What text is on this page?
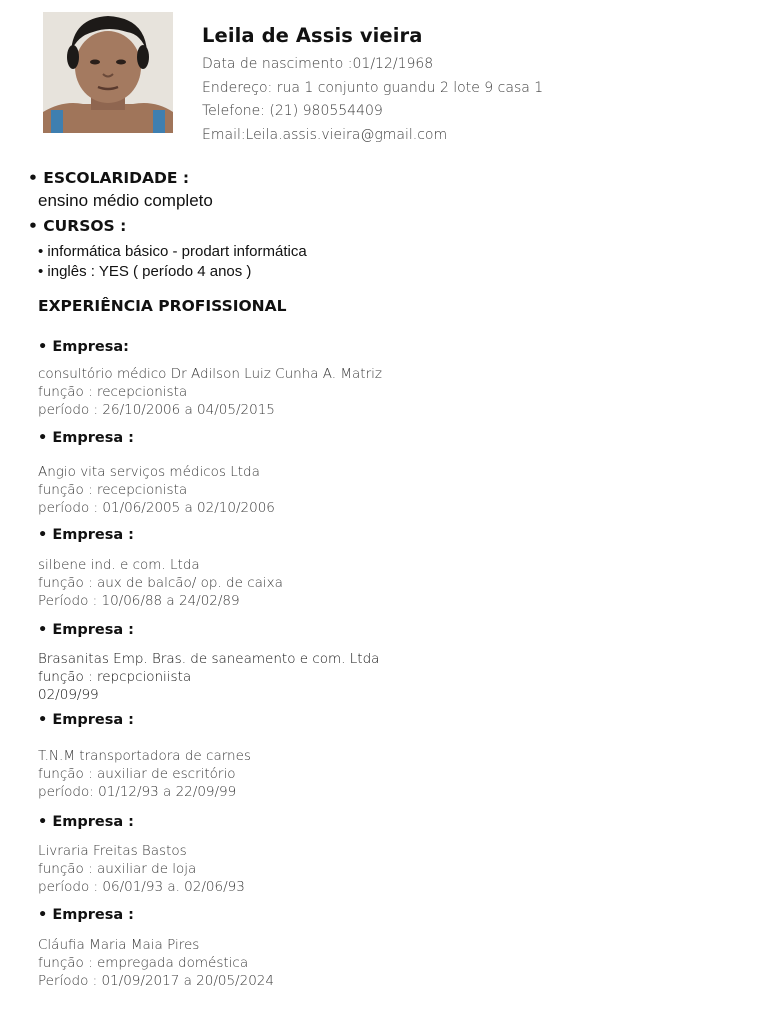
Leila de Assis vieira
Data de nascimento :01/12/1968
Endereço: rua 1 conjunto guandu 2 lote 9 casa 1
Telefone: (21) 980554409
Email:Leila.assis.vieira@gmail.com
• ESCOLARIDADE :
ensino médio completo
• CURSOS :
• informática básico - prodart informática
• inglês : YES ( período 4 anos )
EXPERIÊNCIA PROFISSIONAL
• Empresa:
consultório médico Dr Adilson Luiz Cunha A. Matriz
função : recepcionista
período : 26/10/2006 a 04/05/2015
• Empresa :
Angio vita serviços médicos Ltda
função : recepcionista
período : 01/06/2005 a 02/10/2006
• Empresa :
silbene ind. e com. Ltda
função : aux de balcão/ op. de caixa
Período : 10/06/88 a 24/02/89
• Empresa :
Brasanitas Emp. Bras. de saneamento e com. Ltda
função : repcpcioniista
02/09/99
• Empresa :
T.N.M transportadora de carnes
função : auxiliar de escritório
período: 01/12/93 a 22/09/99
• Empresa :
Livraria Freitas Bastos
função : auxiliar de loja
período : 06/01/93 a. 02/06/93
• Empresa :
Cláufia Maria Maia Pires
função : empregada doméstica
Período : 01/09/2017 a 20/05/2024
